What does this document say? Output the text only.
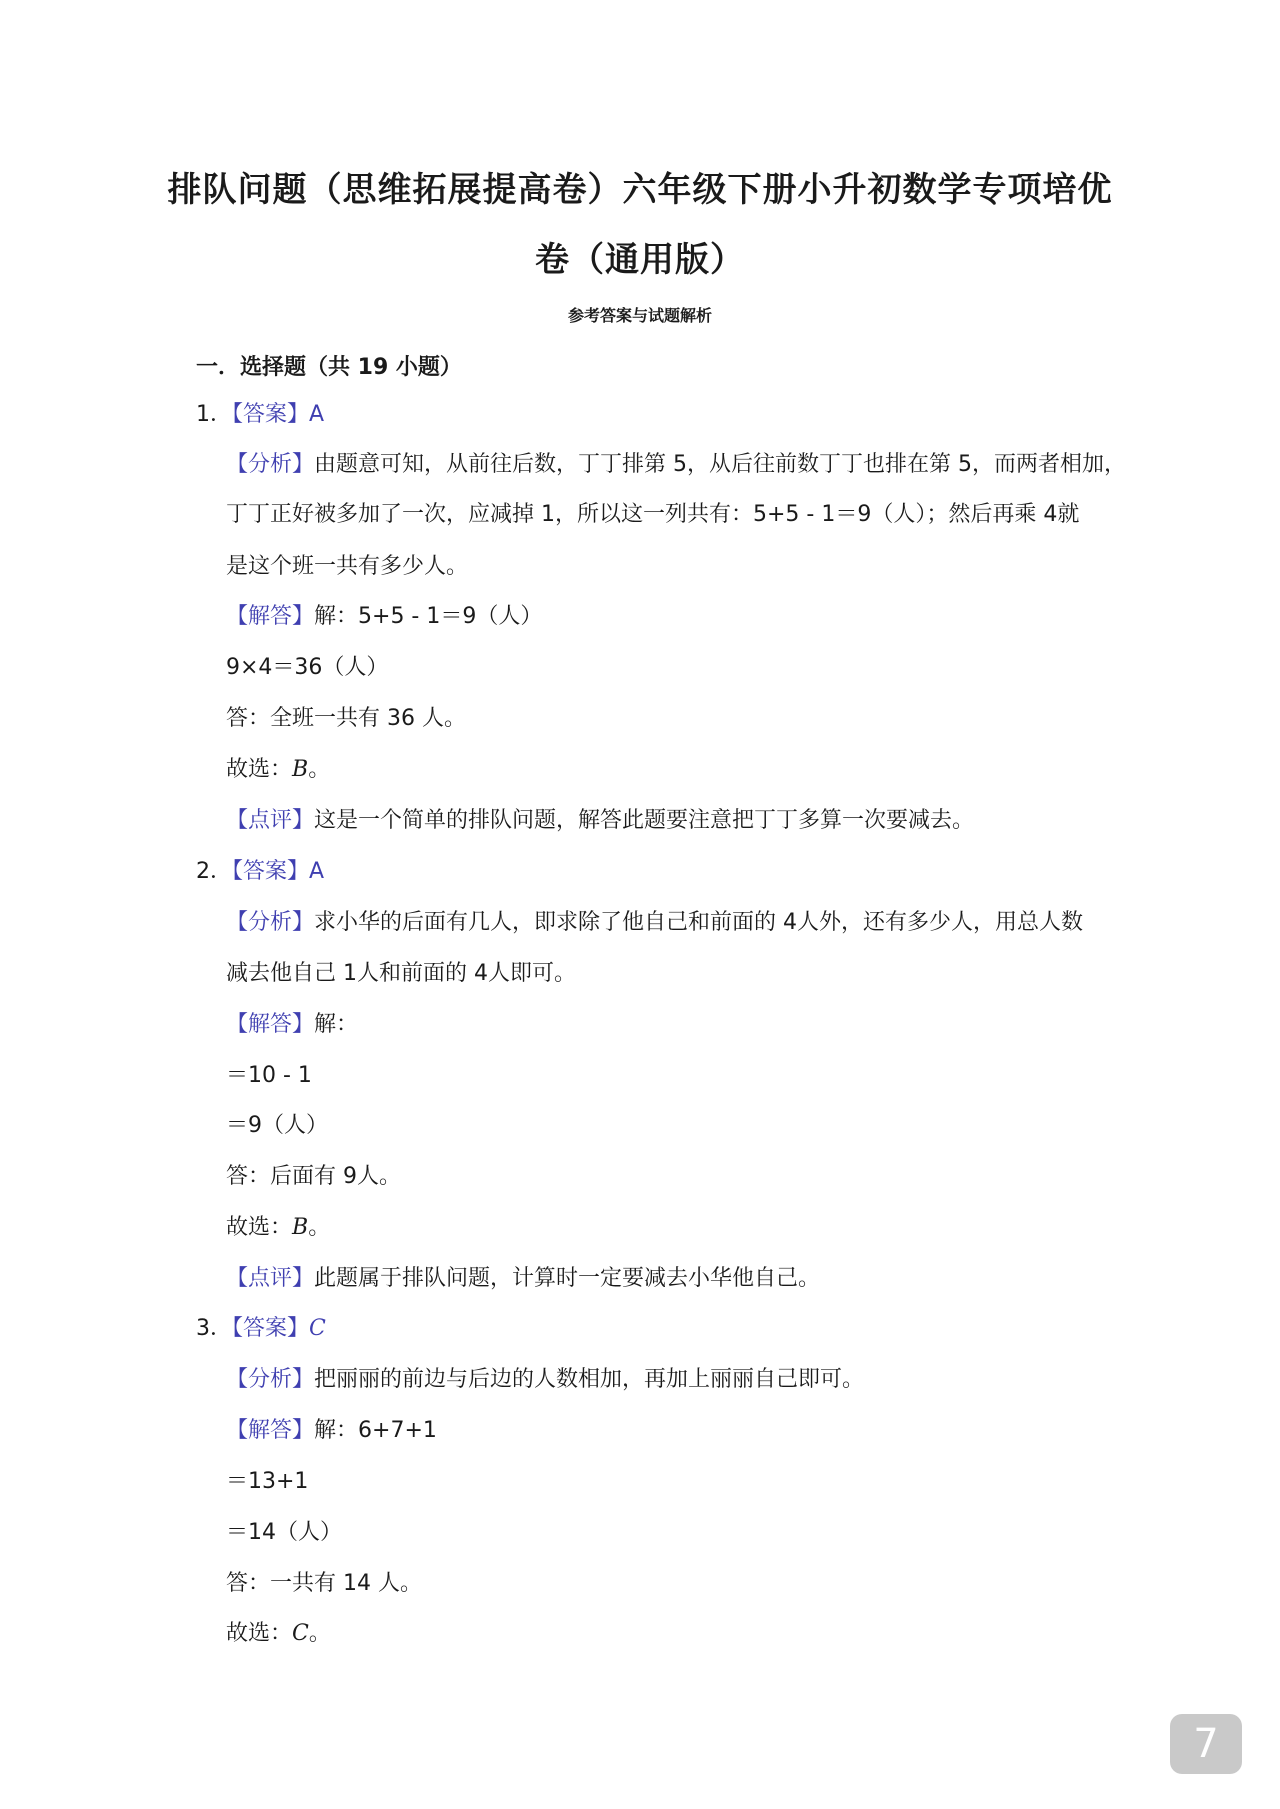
排队问题（思维拓展提高卷）六年级下册小升初数学专项培优
卷（通用版）
参考答案与试题解析
一．选择题（共 19 小题）
1．【答案】A
【分析】由题意可知，从前往后数，丁丁排第 5，从后往前数丁丁也排在第 5，而两者相加，
丁丁正好被多加了一次，应减掉 1，所以这一列共有：5+5 - 1＝9（人）；然后再乘 4就
是这个班一共有多少人。
【解答】解：5+5 - 1＝9（人）
9×4＝36（人）
答：全班一共有 36 人。
故选：B。
【点评】这是一个简单的排队问题，解答此题要注意把丁丁多算一次要减去。
2．【答案】A
【分析】求小华的后面有几人，即求除了他自己和前面的 4人外，还有多少人，用总人数
减去他自己 1人和前面的 4人即可。
【解答】解：
＝10 - 1
＝9（人）
答：后面有 9人。
故选：B。
【点评】此题属于排队问题，计算时一定要减去小华他自己。
3．【答案】C
【分析】把丽丽的前边与后边的人数相加，再加上丽丽自己即可。
【解答】解：6+7+1
＝13+1
＝14（人）
答：一共有 14 人。
故选：C。
7
